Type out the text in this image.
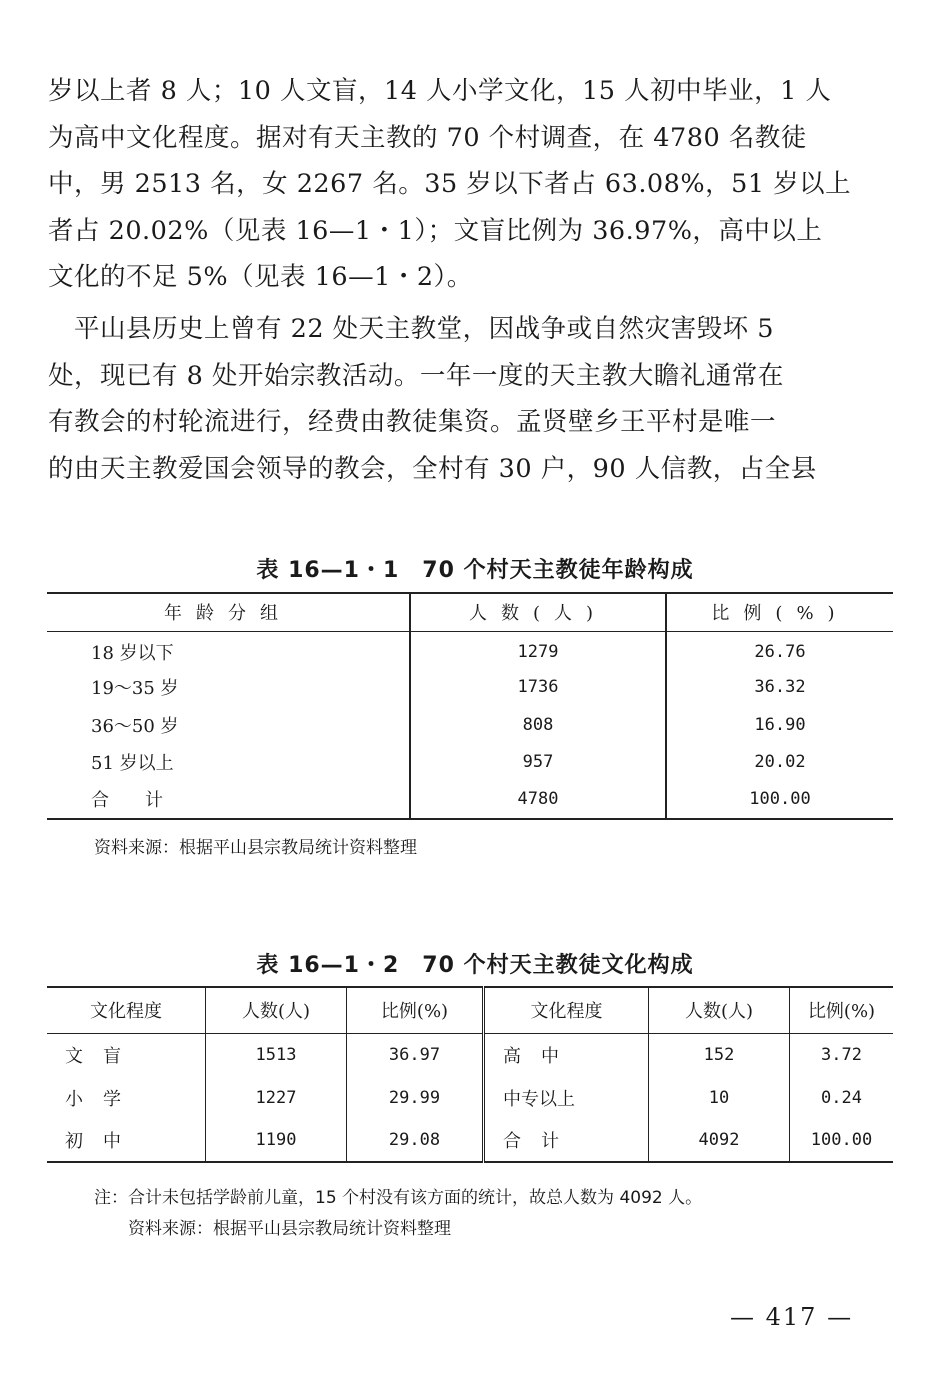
岁以上者 8 人；10 人文盲，14 人小学文化，15 人初中毕业，1 人
为高中文化程度。据对有天主教的 70 个村调查，在 4780 名教徒
中，男 2513 名，女 2267 名。35 岁以下者占 63.08%，51 岁以上
者占 20.02%（见表 16—1・1）；文盲比例为 36.97%，高中以上
文化的不足 5%（见表 16—1・2）。
　平山县历史上曾有 22 处天主教堂，因战争或自然灾害毁坏 5
处，现已有 8 处开始宗教活动。一年一度的天主教大瞻礼通常在
有教会的村轮流进行，经费由教徒集资。孟贤壁乡王平村是唯一
的由天主教爱国会领导的教会，全村有 30 户，90 人信教，占全县
表 16—1・1　70 个村天主教徒年龄构成
年龄分组	人数(人)	比例(%)
18 岁以下	1279	26.76
19～35 岁	1736	36.32
36～50 岁	808	16.90
51 岁以上	957	20.02
合　　计	4780	100.00
资料来源：根据平山县宗教局统计资料整理
表 16—1・2　70 个村天主教徒文化构成
文化程度	人数(人)	比例(%)	文化程度	人数(人)	比例(%)
文盲	1513	36.97	高中	152	3.72
小学	1227	29.99	中专以上	10	0.24
初中	1190	29.08	合计	4092	100.00
注：合计未包括学龄前儿童，15 个村没有该方面的统计，故总人数为 4092 人。
资料来源：根据平山县宗教局统计资料整理
— 417 —
